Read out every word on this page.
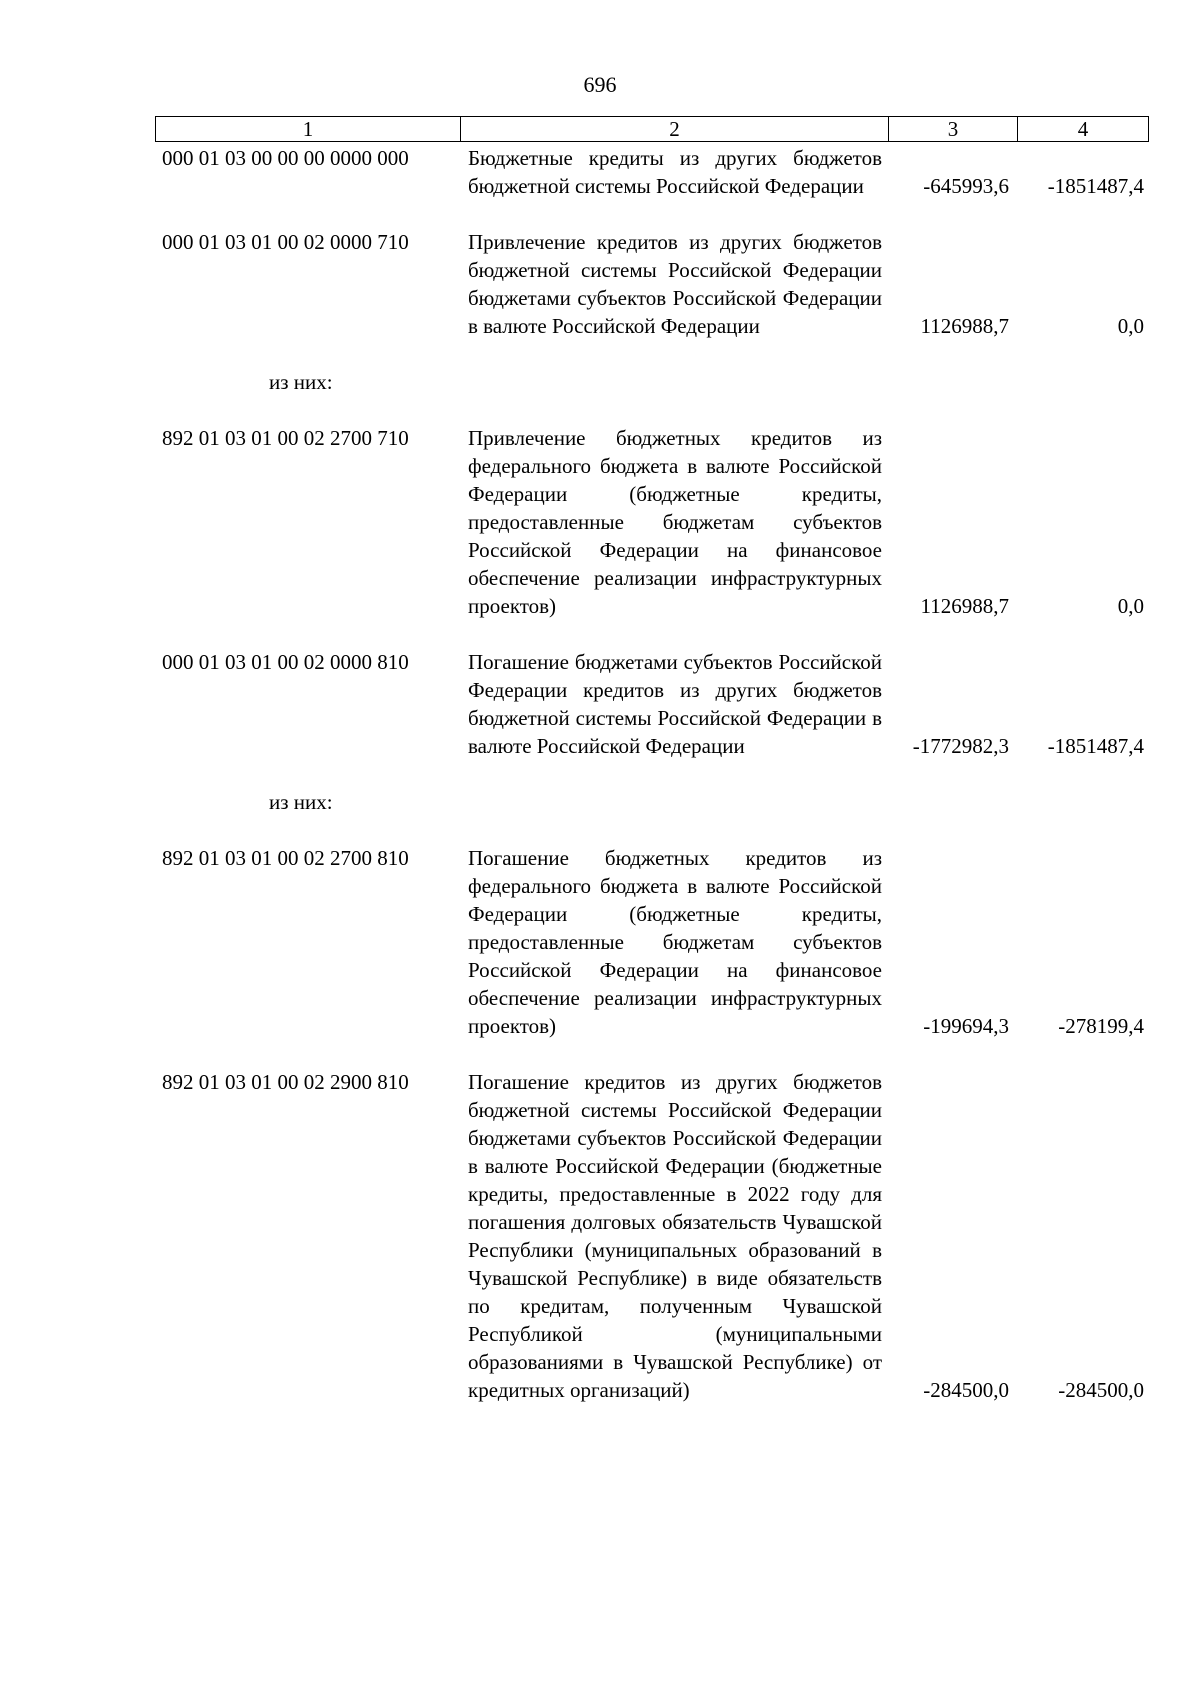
696
1	2	3	4
000 01 03 00 00 00 0000 000	Бюджетные кредиты из других бюджетов бюджетной системы Российской Федерации	-645993,6	-1851487,4
000 01 03 01 00 02 0000 710	Привлечение кредитов из других бюджетов бюджетной системы Российской Федерации бюджетами субъектов Российской Федерации в валюте Российской Федерации	1126988,7	0,0
из них:
892 01 03 01 00 02 2700 710	Привлечение бюджетных кредитов из федерального бюджета в валюте Российской Федерации (бюджетные кредиты, предоставленные бюджетам субъектов Российской Федерации на финансовое обеспечение реализации инфраструктурных проектов)	1126988,7	0,0
000 01 03 01 00 02 0000 810	Погашение бюджетами субъектов Российской Федерации кредитов из других бюджетов бюджетной системы Российской Федерации в валюте Российской Федерации	-1772982,3	-1851487,4
из них:
892 01 03 01 00 02 2700 810	Погашение бюджетных кредитов из федерального бюджета в валюте Российской Федерации (бюджетные кредиты, предоставленные бюджетам субъектов Российской Федерации на финансовое обеспечение реализации инфраструктурных проектов)	-199694,3	-278199,4
892 01 03 01 00 02 2900 810	Погашение кредитов из других бюджетов бюджетной системы Российской Федерации бюджетами субъектов Российской Федерации в валюте Российской Федерации (бюджетные кредиты, предоставленные в 2022 году для погашения долговых обязательств Чувашской Республики (муниципальных образований в Чувашской Республике) в виде обязательств по кредитам, полученным Чувашской Республикой (муниципальными образованиями в Чувашской Республике) от кредитных организаций)	-284500,0	-284500,0
